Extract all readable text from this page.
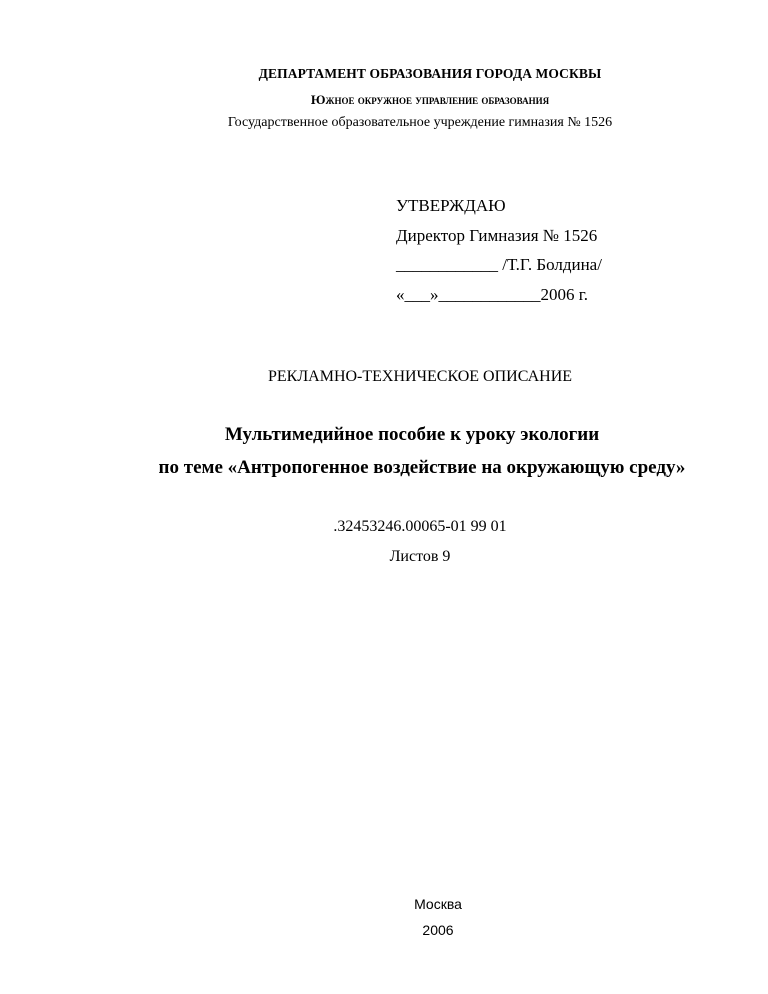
ДЕПАРТАМЕНТ ОБРАЗОВАНИЯ ГОРОДА МОСКВЫ
Южное окружное управление образования
Государственное образовательное учреждение гимназия № 1526
УТВЕРЖДАЮ
Директор Гимназия № 1526
____________ /Т.Г. Болдина/
«___»____________2006 г.
РЕКЛАМНО-ТЕХНИЧЕСКОЕ ОПИСАНИЕ
Мультимедийное пособие к уроку экологии
по теме «Антропогенное воздействие на окружающую среду»
.32453246.00065-01 99 01
Листов 9
Москва
2006
